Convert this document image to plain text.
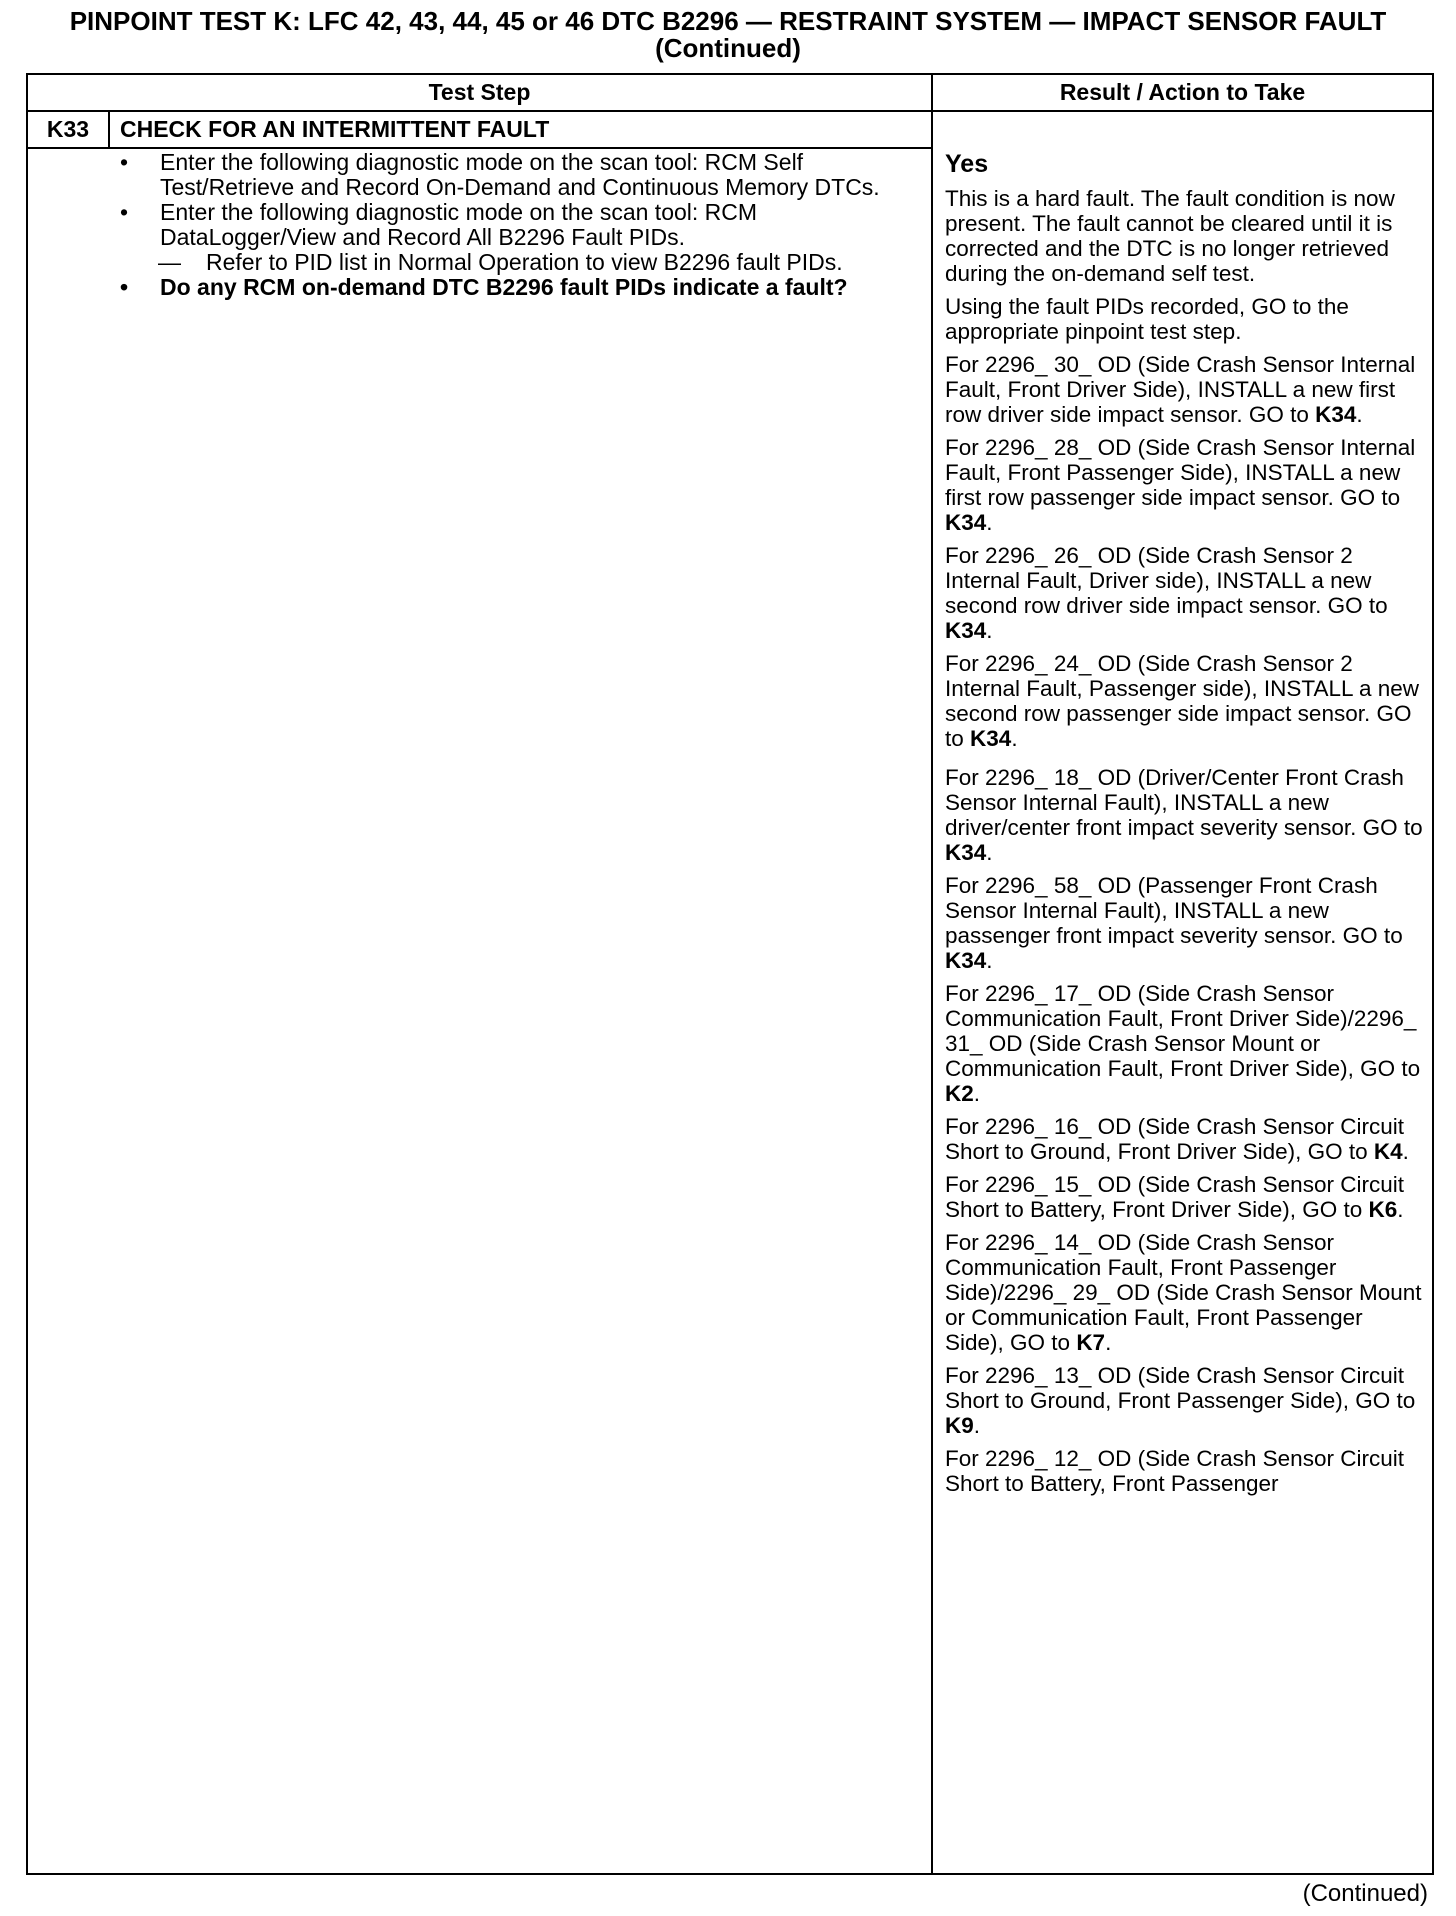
PINPOINT TEST K: LFC 42, 43, 44, 45 or 46 DTC B2296 — RESTRAINT SYSTEM — IMPACT SENSOR FAULT (Continued)
Test Step	Result / Action to Take
K33	CHECK FOR AN INTERMITTENT FAULT
• Enter the following diagnostic mode on the scan tool: RCM Self Test/Retrieve and Record On-Demand and Continuous Memory DTCs.
• Enter the following diagnostic mode on the scan tool: RCM DataLogger/View and Record All B2296 Fault PIDs.
— Refer to PID list in Normal Operation to view B2296 fault PIDs.
• Do any RCM on-demand DTC B2296 fault PIDs indicate a fault?

Yes

This is a hard fault. The fault condition is now present. The fault cannot be cleared until it is corrected and the DTC is no longer retrieved during the on-demand self test.

Using the fault PIDs recorded, GO to the appropriate pinpoint test step.

For 2296_ 30_ OD (Side Crash Sensor Internal Fault, Front Driver Side), INSTALL a new first row driver side impact sensor. GO to K34.

For 2296_ 28_ OD (Side Crash Sensor Internal Fault, Front Passenger Side), INSTALL a new first row passenger side impact sensor. GO to K34.

For 2296_ 26_ OD (Side Crash Sensor 2 Internal Fault, Driver side), INSTALL a new second row driver side impact sensor. GO to K34.

For 2296_ 24_ OD (Side Crash Sensor 2 Internal Fault, Passenger side), INSTALL a new second row passenger side impact sensor. GO to K34.

For 2296_ 18_ OD (Driver/Center Front Crash Sensor Internal Fault), INSTALL a new driver/center front impact severity sensor. GO to K34.

For 2296_ 58_ OD (Passenger Front Crash Sensor Internal Fault), INSTALL a new passenger front impact severity sensor. GO to K34.

For 2296_ 17_ OD (Side Crash Sensor Communication Fault, Front Driver Side)/2296_ 31_ OD (Side Crash Sensor Mount or Communication Fault, Front Driver Side), GO to K2.

For 2296_ 16_ OD (Side Crash Sensor Circuit Short to Ground, Front Driver Side), GO to K4.

For 2296_ 15_ OD (Side Crash Sensor Circuit Short to Battery, Front Driver Side), GO to K6.

For 2296_ 14_ OD (Side Crash Sensor Communication Fault, Front Passenger Side)/2296_ 29_ OD (Side Crash Sensor Mount or Communication Fault, Front Passenger Side), GO to K7.

For 2296_ 13_ OD (Side Crash Sensor Circuit Short to Ground, Front Passenger Side), GO to K9.

For 2296_ 12_ OD (Side Crash Sensor Circuit Short to Battery, Front Passenger

(Continued)
